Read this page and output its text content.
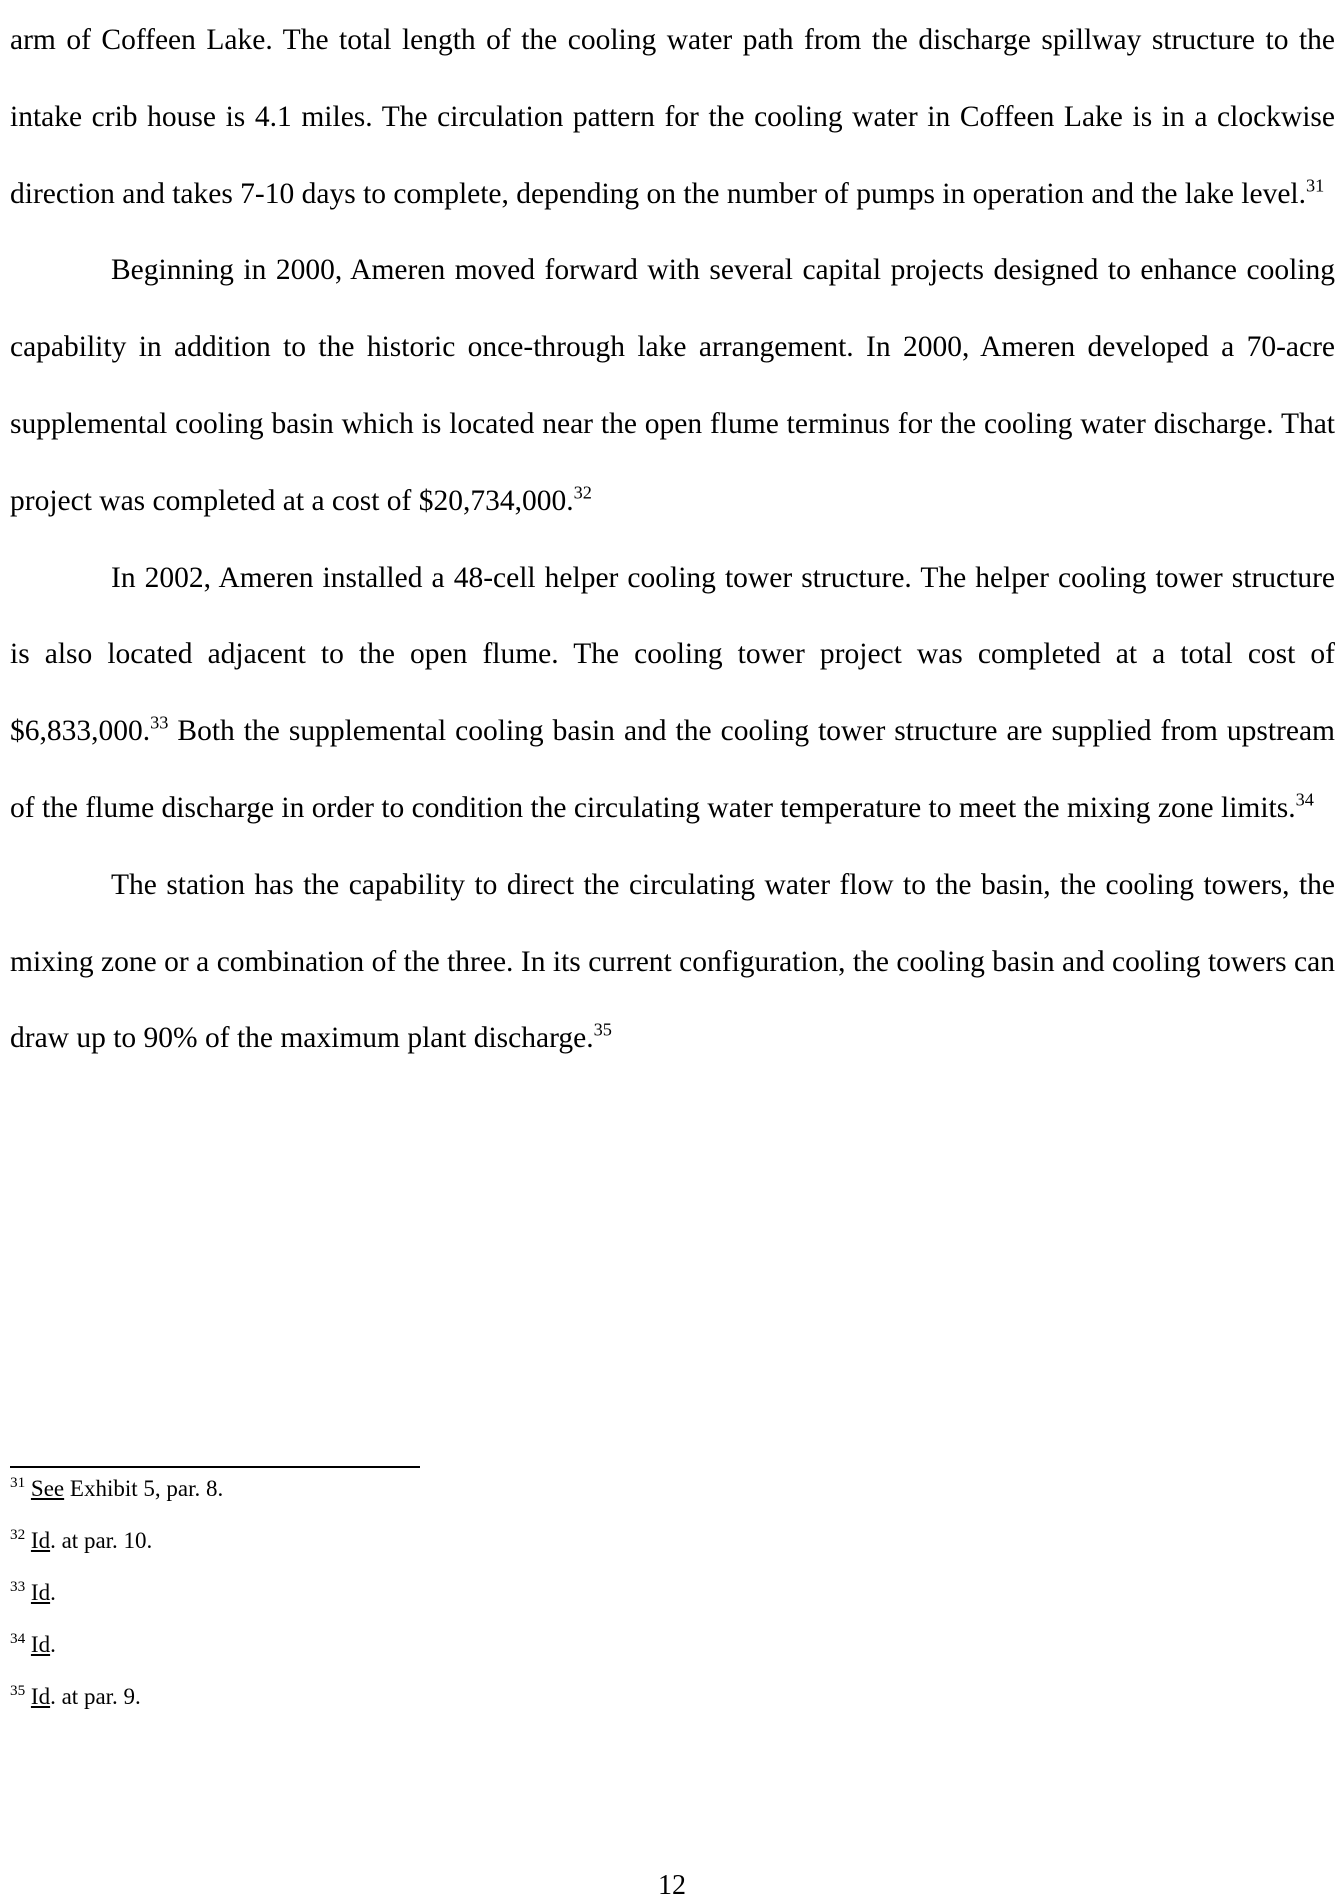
arm of Coffeen Lake. The total length of the cooling water path from the discharge spillway structure to the intake crib house is 4.1 miles. The circulation pattern for the cooling water in Coffeen Lake is in a clockwise direction and takes 7-10 days to complete, depending on the number of pumps in operation and the lake level.$^{31}$

Beginning in 2000, Ameren moved forward with several capital projects designed to enhance cooling capability in addition to the historic once-through lake arrangement. In 2000, Ameren developed a 70-acre supplemental cooling basin which is located near the open flume terminus for the cooling water discharge. That project was completed at a cost of $20,734,000.32

In 2002, Ameren installed a 48-cell helper cooling tower structure. The helper cooling tower structure is also located adjacent to the open flume. The cooling tower project was completed at a total cost of $6,833,000.33 Both the supplemental cooling basin and the cooling tower structure are supplied from upstream of the flume discharge in order to condition the circulating water temperature to meet the mixing zone limits.$^{34}$

The station has the capability to direct the circulating water flow to the basin, the cooling towers, the mixing zone or a combination of the three. In its current configuration, the cooling basin and cooling towers can draw up to 90% of the maximum plant discharge.$^{35}$

$^{31}$ See Exhibit 5, par. 8.
$^{32}$ Id. at par. 10.
$^{33}$ Id.
$^{34}$ Id.
$^{35}$ Id. at par. 9.
12
